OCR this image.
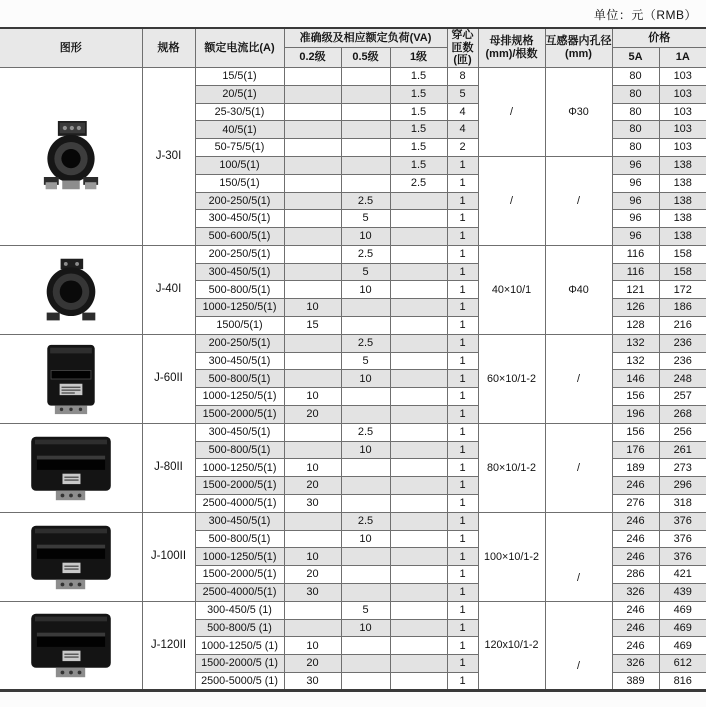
单位：元（RMB）
图形	规格	额定电流比(A)	准确级及相应额定负荷(VA)			穿心匝数(匝)	母排规格(mm)/根数	互感器内孔径(mm)	价格	
			0.2级	0.5级	1级				5A	1A

	J-30I	15/5(1)			1.5	8	/	Φ30	80	103
		20/5(1)			1.5	5			80	103
		25-30/5(1)			1.5	4			80	103
		40/5(1)			1.5	4			80	103
		50-75/5(1)			1.5	2			80	103
		100/5(1)			1.5	1	/	/	96	138
		150/5(1)			2.5	1			96	138
		200-250/5(1)		2.5		1			96	138
		300-450/5(1)		5		1			96	138
		500-600/5(1)		10		1			96	138

	J-40I	200-250/5(1)		2.5		1	40×10/1	Φ40	116	158
		300-450/5(1)		5		1			116	158
		500-800/5(1)		10		1			121	172
		1000-1250/5(1)	10			1			126	186
		1500/5(1)	15			1			128	216

	J-60II	200-250/5(1)		2.5		1	60×10/1-2	/	132	236
		300-450/5(1)		5		1			132	236
		500-800/5(1)		10		1			146	248
		1000-1250/5(1)	10			1			156	257
		1500-2000/5(1)	20			1			196	268

	J-80II	300-450/5(1)		2.5		1	80×10/1-2	/	156	256
		500-800/5(1)		10		1			176	261
		1000-1250/5(1)	10			1			189	273
		1500-2000/5(1)	20			1			246	296
		2500-4000/5(1)	30			1			276	318

	J-100II	300-450/5(1)		2.5		1	100×10/1-2	/	246	376
		500-800/5(1)		10		1			246	376
		1000-1250/5(1)	10			1			246	376
		1500-2000/5(1)	20			1			286	421
		2500-4000/5(1)	30			1			326	439

	J-120II	300-450/5 (1)		5		1	120x10/1-2	/	246	469
		500-800/5 (1)		10		1			246	469
		1000-1250/5 (1)	10			1			246	469
		1500-2000/5 (1)	20			1			326	612
		2500-5000/5 (1)	30			1			389	816
